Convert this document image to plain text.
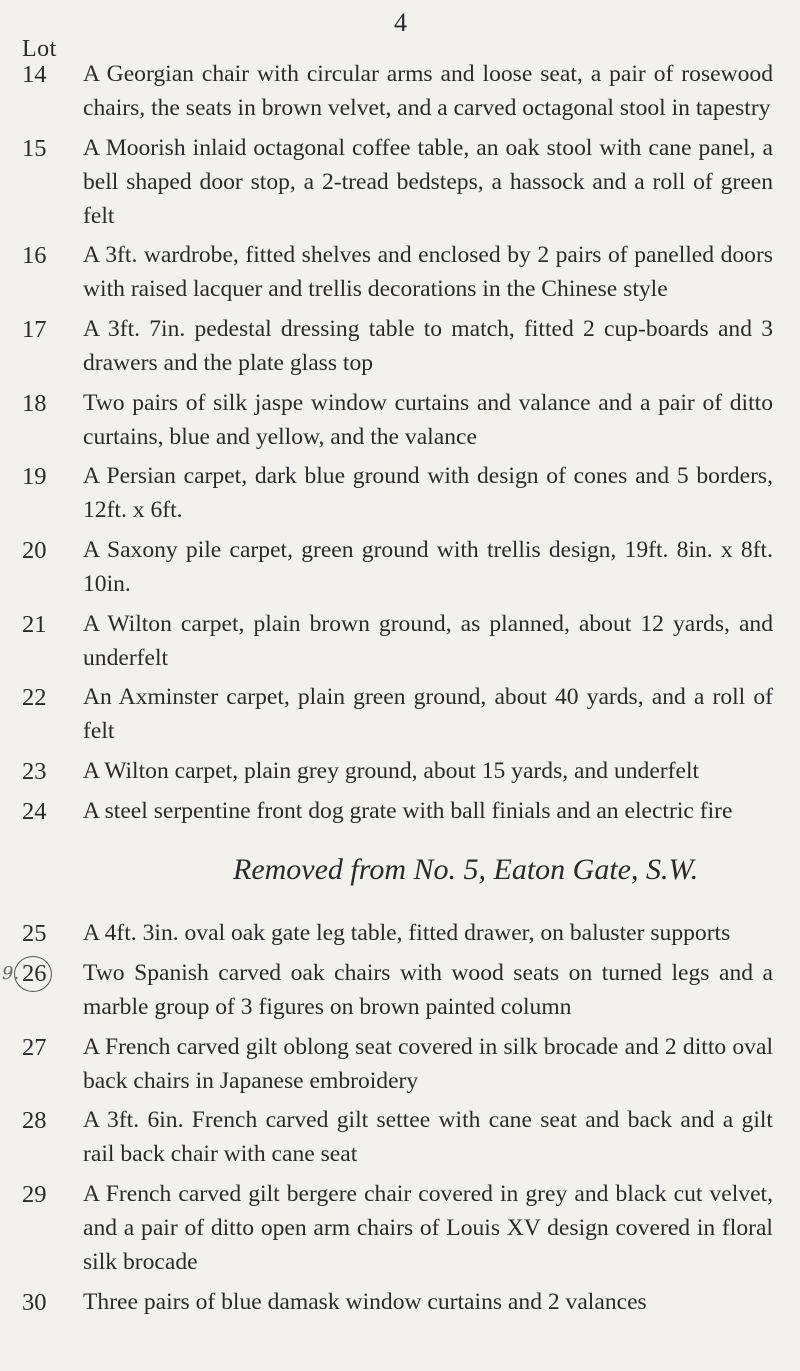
4
Lot
14	A Georgian chair with circular arms and loose seat, a pair of rosewood chairs, the seats in brown velvet, and a carved octagonal stool in tapestry
15	A Moorish inlaid octagonal coffee table, an oak stool with cane panel, a bell shaped door stop, a 2-tread bedsteps, a hassock and a roll of green felt
16	A 3ft. wardrobe, fitted shelves and enclosed by 2 pairs of panelled doors with raised lacquer and trellis decorations in the Chinese style
17	A 3ft. 7in. pedestal dressing table to match, fitted 2 cup-boards and 3 drawers and the plate glass top
18	Two pairs of silk jaspe window curtains and valance and a pair of ditto curtains, blue and yellow, and the valance
19	A Persian carpet, dark blue ground with design of cones and 5 borders, 12ft. x 6ft.
20	A Saxony pile carpet, green ground with trellis design, 19ft. 8in. x 8ft. 10in.
21	A Wilton carpet, plain brown ground, as planned, about 12 yards, and underfelt
22	An Axminster carpet, plain green ground, about 40 yards, and a roll of felt
23	A Wilton carpet, plain grey ground, about 15 yards, and underfelt
24	A steel serpentine front dog grate with ball finials and an electric fire
Removed from No. 5, Eaton Gate, S.W.
25	A 4ft. 3in. oval oak gate leg table, fitted drawer, on baluster supports
26	Two Spanish carved oak chairs with wood seats on turned legs and a marble group of 3 figures on brown painted column
27	A French carved gilt oblong seat covered in silk brocade and 2 ditto oval back chairs in Japanese embroidery
28	A 3ft. 6in. French carved gilt settee with cane seat and back and a gilt rail back chair with cane seat
29	A French carved gilt bergere chair covered in grey and black cut velvet, and a pair of ditto open arm chairs of Louis XV design covered in floral silk brocade
30	Three pairs of blue damask window curtains and 2 valances
9.
